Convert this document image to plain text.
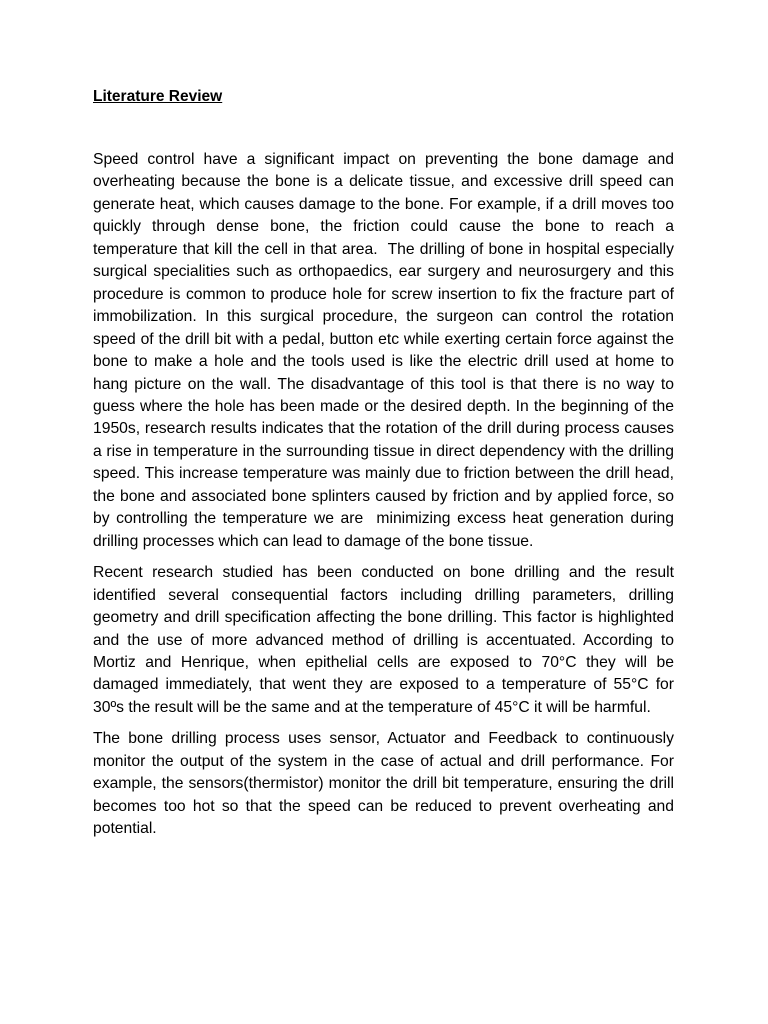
Literature Review

Speed control have a significant impact on preventing the bone damage and overheating because the bone is a delicate tissue, and excessive drill speed can generate heat, which causes damage to the bone. For example, if a drill moves too quickly through dense bone, the friction could cause the bone to reach a temperature that kill the cell in that area.  The drilling of bone in hospital especially surgical specialities such as orthopaedics, ear surgery and neurosurgery and this procedure is common to produce hole for screw insertion to fix the fracture part of immobilization. In this surgical procedure, the surgeon can control the rotation speed of the drill bit with a pedal, button etc while exerting certain force against the bone to make a hole and the tools used is like the electric drill used at home to hang picture on the wall. The disadvantage of this tool is that there is no way to guess where the hole has been made or the desired depth. In the beginning of the 1950s, research results indicates that the rotation of the drill during process causes a rise in temperature in the surrounding tissue in direct dependency with the drilling speed. This increase temperature was mainly due to friction between the drill head, the bone and associated bone splinters caused by friction and by applied force, so by controlling the temperature we are  minimizing excess heat generation during drilling processes which can lead to damage of the bone tissue.

Recent research studied has been conducted on bone drilling and the result identified several consequential factors including drilling parameters, drilling geometry and drill specification affecting the bone drilling. This factor is highlighted and the use of more advanced method of drilling is accentuated. According to Mortiz and Henrique, when epithelial cells are exposed to 70°C they will be damaged immediately, that went they are exposed to a temperature of 55°C for 30ºs the result will be the same and at the temperature of 45°C it will be harmful.

The bone drilling process uses sensor, Actuator and Feedback to continuously monitor the output of the system in the case of actual and drill performance. For example, the sensors(thermistor) monitor the drill bit temperature, ensuring the drill becomes too hot so that the speed can be reduced to prevent overheating and potential.
